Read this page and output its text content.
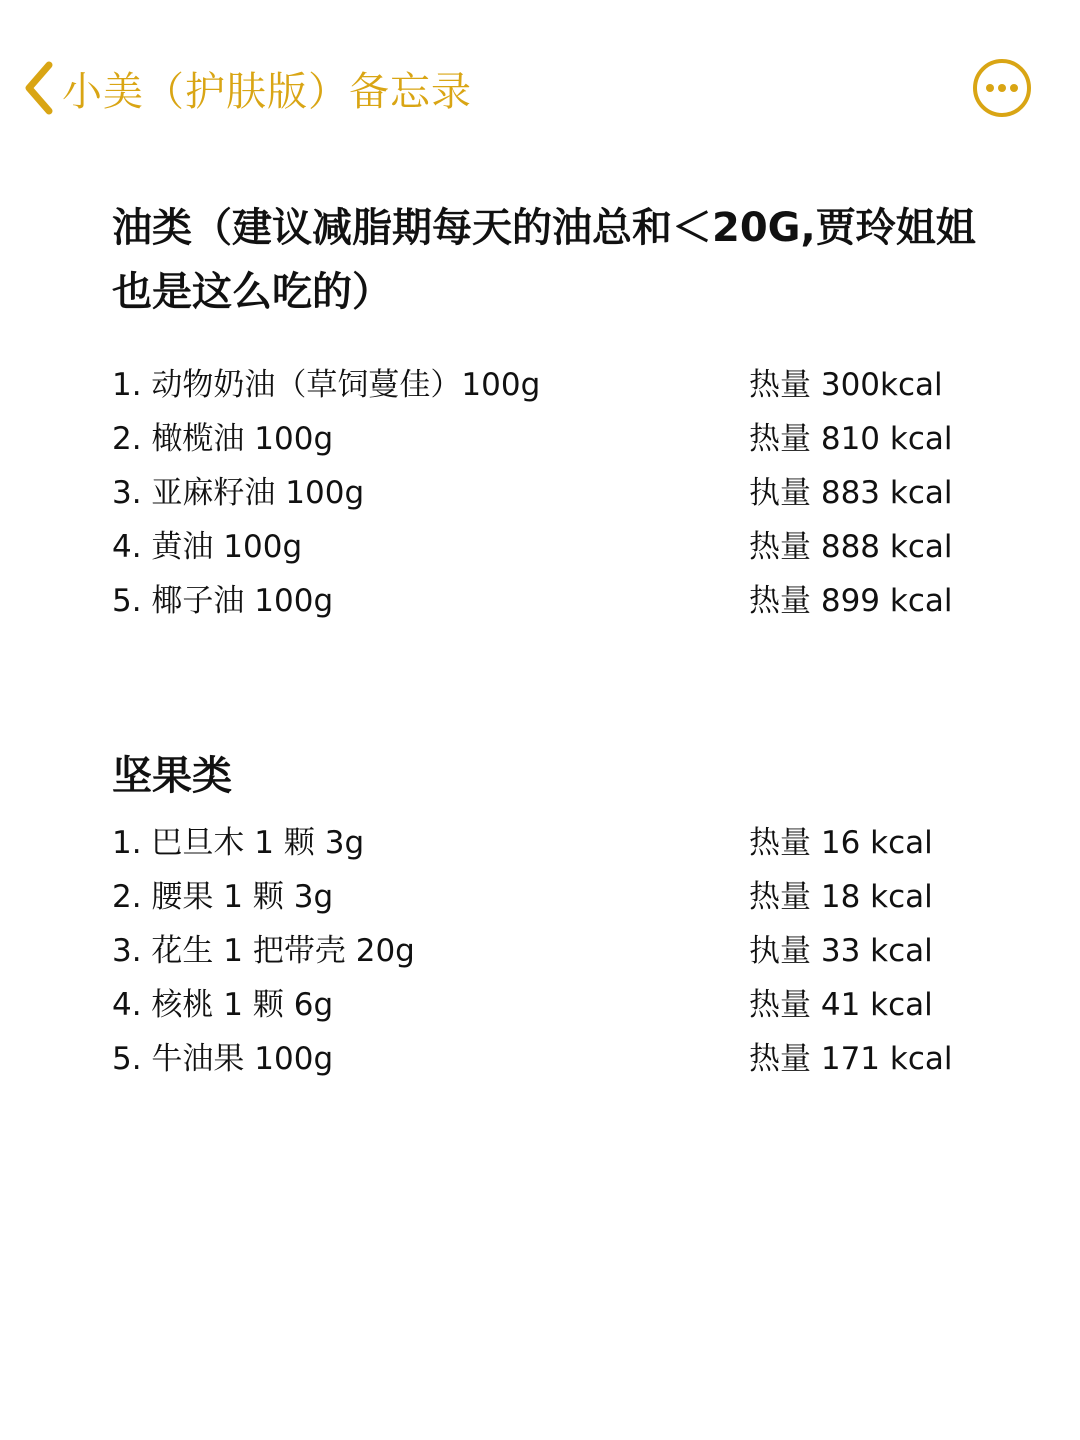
小美（护肤版）备忘录
油类（建议减脂期每天的油总和＜20G,贾玲姐姐也是这么吃的）
1. 动物奶油（草饲蔓佳）100g	热量 300kcal
2. 橄榄油 100g	热量 810 kcal
3. 亚麻籽油 100g	执量 883 kcal
4. 黄油 100g	热量 888 kcal
5. 椰子油 100g	热量 899 kcal
坚果类
1. 巴旦木 1 颗 3g	热量 16 kcal
2. 腰果 1 颗 3g	热量 18 kcal
3. 花生 1 把带壳 20g	执量 33 kcal
4. 核桃 1 颗 6g	热量 41 kcal
5. 牛油果 100g	热量 171 kcal
